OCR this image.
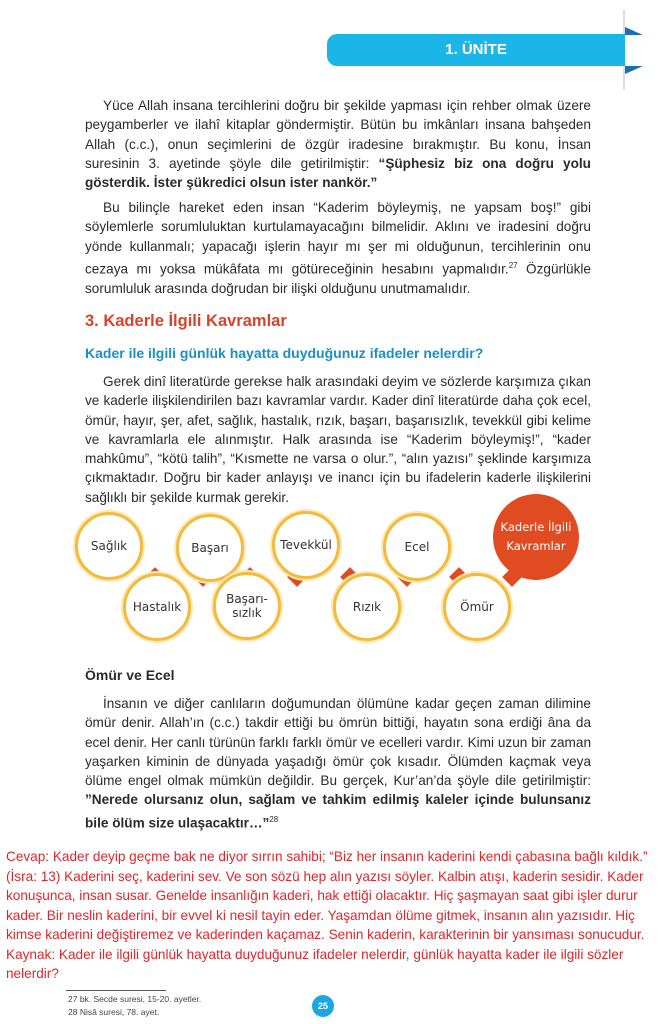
1. ÜNİTE
Yüce Allah insana tercihlerini doğru bir şekilde yapması için rehber olmak üzere peygamberler ve ilahî kitaplar göndermiştir. Bütün bu imkânları insana bahşeden Allah (c.c.), onun seçimlerini de özgür iradesine bırakmıştır. Bu konu, İnsan suresinin 3. ayetinde şöyle dile getirilmiştir: “Şüphesiz biz ona doğru yolu gösterdik. İster şükredici olsun ister nankör.”
Bu bilinçle hareket eden insan “Kaderim böyleymiş, ne yapsam boş!” gibi söylemlerle sorumluluktan kurtulamayacağını bilmelidir. Aklını ve iradesini doğru yönde kullanmalı; yapacağı işlerin hayır mı şer mi olduğunun, tercihlerinin onu cezaya mı yoksa mükâfata mı götüreceğinin hesabını yapmalıdır.$^{27}$ Özgürlükle sorumluluk arasında doğrudan bir ilişki olduğunu unutmamalıdır.
3. Kaderle İlgili Kavramlar
Kader ile ilgili günlük hayatta duyduğunuz ifadeler nelerdir?
Gerek dinî literatürde gerekse halk arasındaki deyim ve sözlerde karşımıza çıkan ve kaderle ilişkilendirilen bazı kavramlar vardır. Kader dinî literatürde daha çok ecel, ömür, hayır, şer, afet, sağlık, hastalık, rızık, başarı, başarısızlık, tevekkül gibi kelime ve kavramlarla ele alınmıştır. Halk arasında ise “Kaderim böyleymiş!”, “kader mahkûmu”, “kötü talih”, “Kısmette ne varsa o olur.”, “alın yazısı” şeklinde karşımıza çıkmaktadır. Doğru bir kader anlayışı ve inancı için bu ifadelerin kaderle ilişkilerini sağlıklı bir şekilde kurmak gerekir.
Sağlık	Başarı	Tevekkül	Ecel
Hastalık
Başarı-sızlık	Rızık	Ömür
Kaderle İlgili Kavramlar
Ömür ve Ecel
İnsanın ve diğer canlıların doğumundan ölümüne kadar geçen zaman dilimine ömür denir. Allah’ın (c.c.) takdir ettiği bu ömrün bittiği, hayatın sona erdiği âna da ecel denir. Her canlı türünün farklı farklı ömür ve ecelleri vardır. Kimi uzun bir zaman yaşarken kiminin de dünyada yaşadığı ömür çok kısadır. Ölümden kaçmak veya ölüme engel olmak mümkün değildir. Bu gerçek, Kur’an’da şöyle dile getirilmiştir: ”Nerede olursanız olun, sağlam ve tahkim edilmiş kaleler içinde bulunsanız bile ölüm size ulaşacaktır…”$^{28}$
Cevap: Kader deyip geçme bak ne diyor sırrın sahibi; “Biz her insanın kaderini kendi çabasına bağlı kıldık.” (İsra: 13) Kaderini seç, kaderini sev. Ve son sözü hep alın yazısı söyler. Kalbin atışı, kaderin sesidir. Kader konuşunca, insan susar. Genelde insanlığın kaderi, hak ettiği olacaktır. Hiç şaşmayan saat gibi işler durur kader. Bir neslin kaderini, bir evvel ki nesil tayin eder. Yaşamdan ölüme gitmek, insanın alın yazısıdır. Hiç kimse kaderini değiştiremez ve kaderinden kaçamaz. Senin kaderin, karakterinin bir yansıması sonucudur. Kaynak: Kader ile ilgili günlük hayatta duyduğunuz ifadeler nelerdir, günlük hayatta kader ile ilgili sözler nelerdir?
27 bk. Secde suresi, 15-20. ayetler.
28 Nisâ suresi, 78. ayet.
25
